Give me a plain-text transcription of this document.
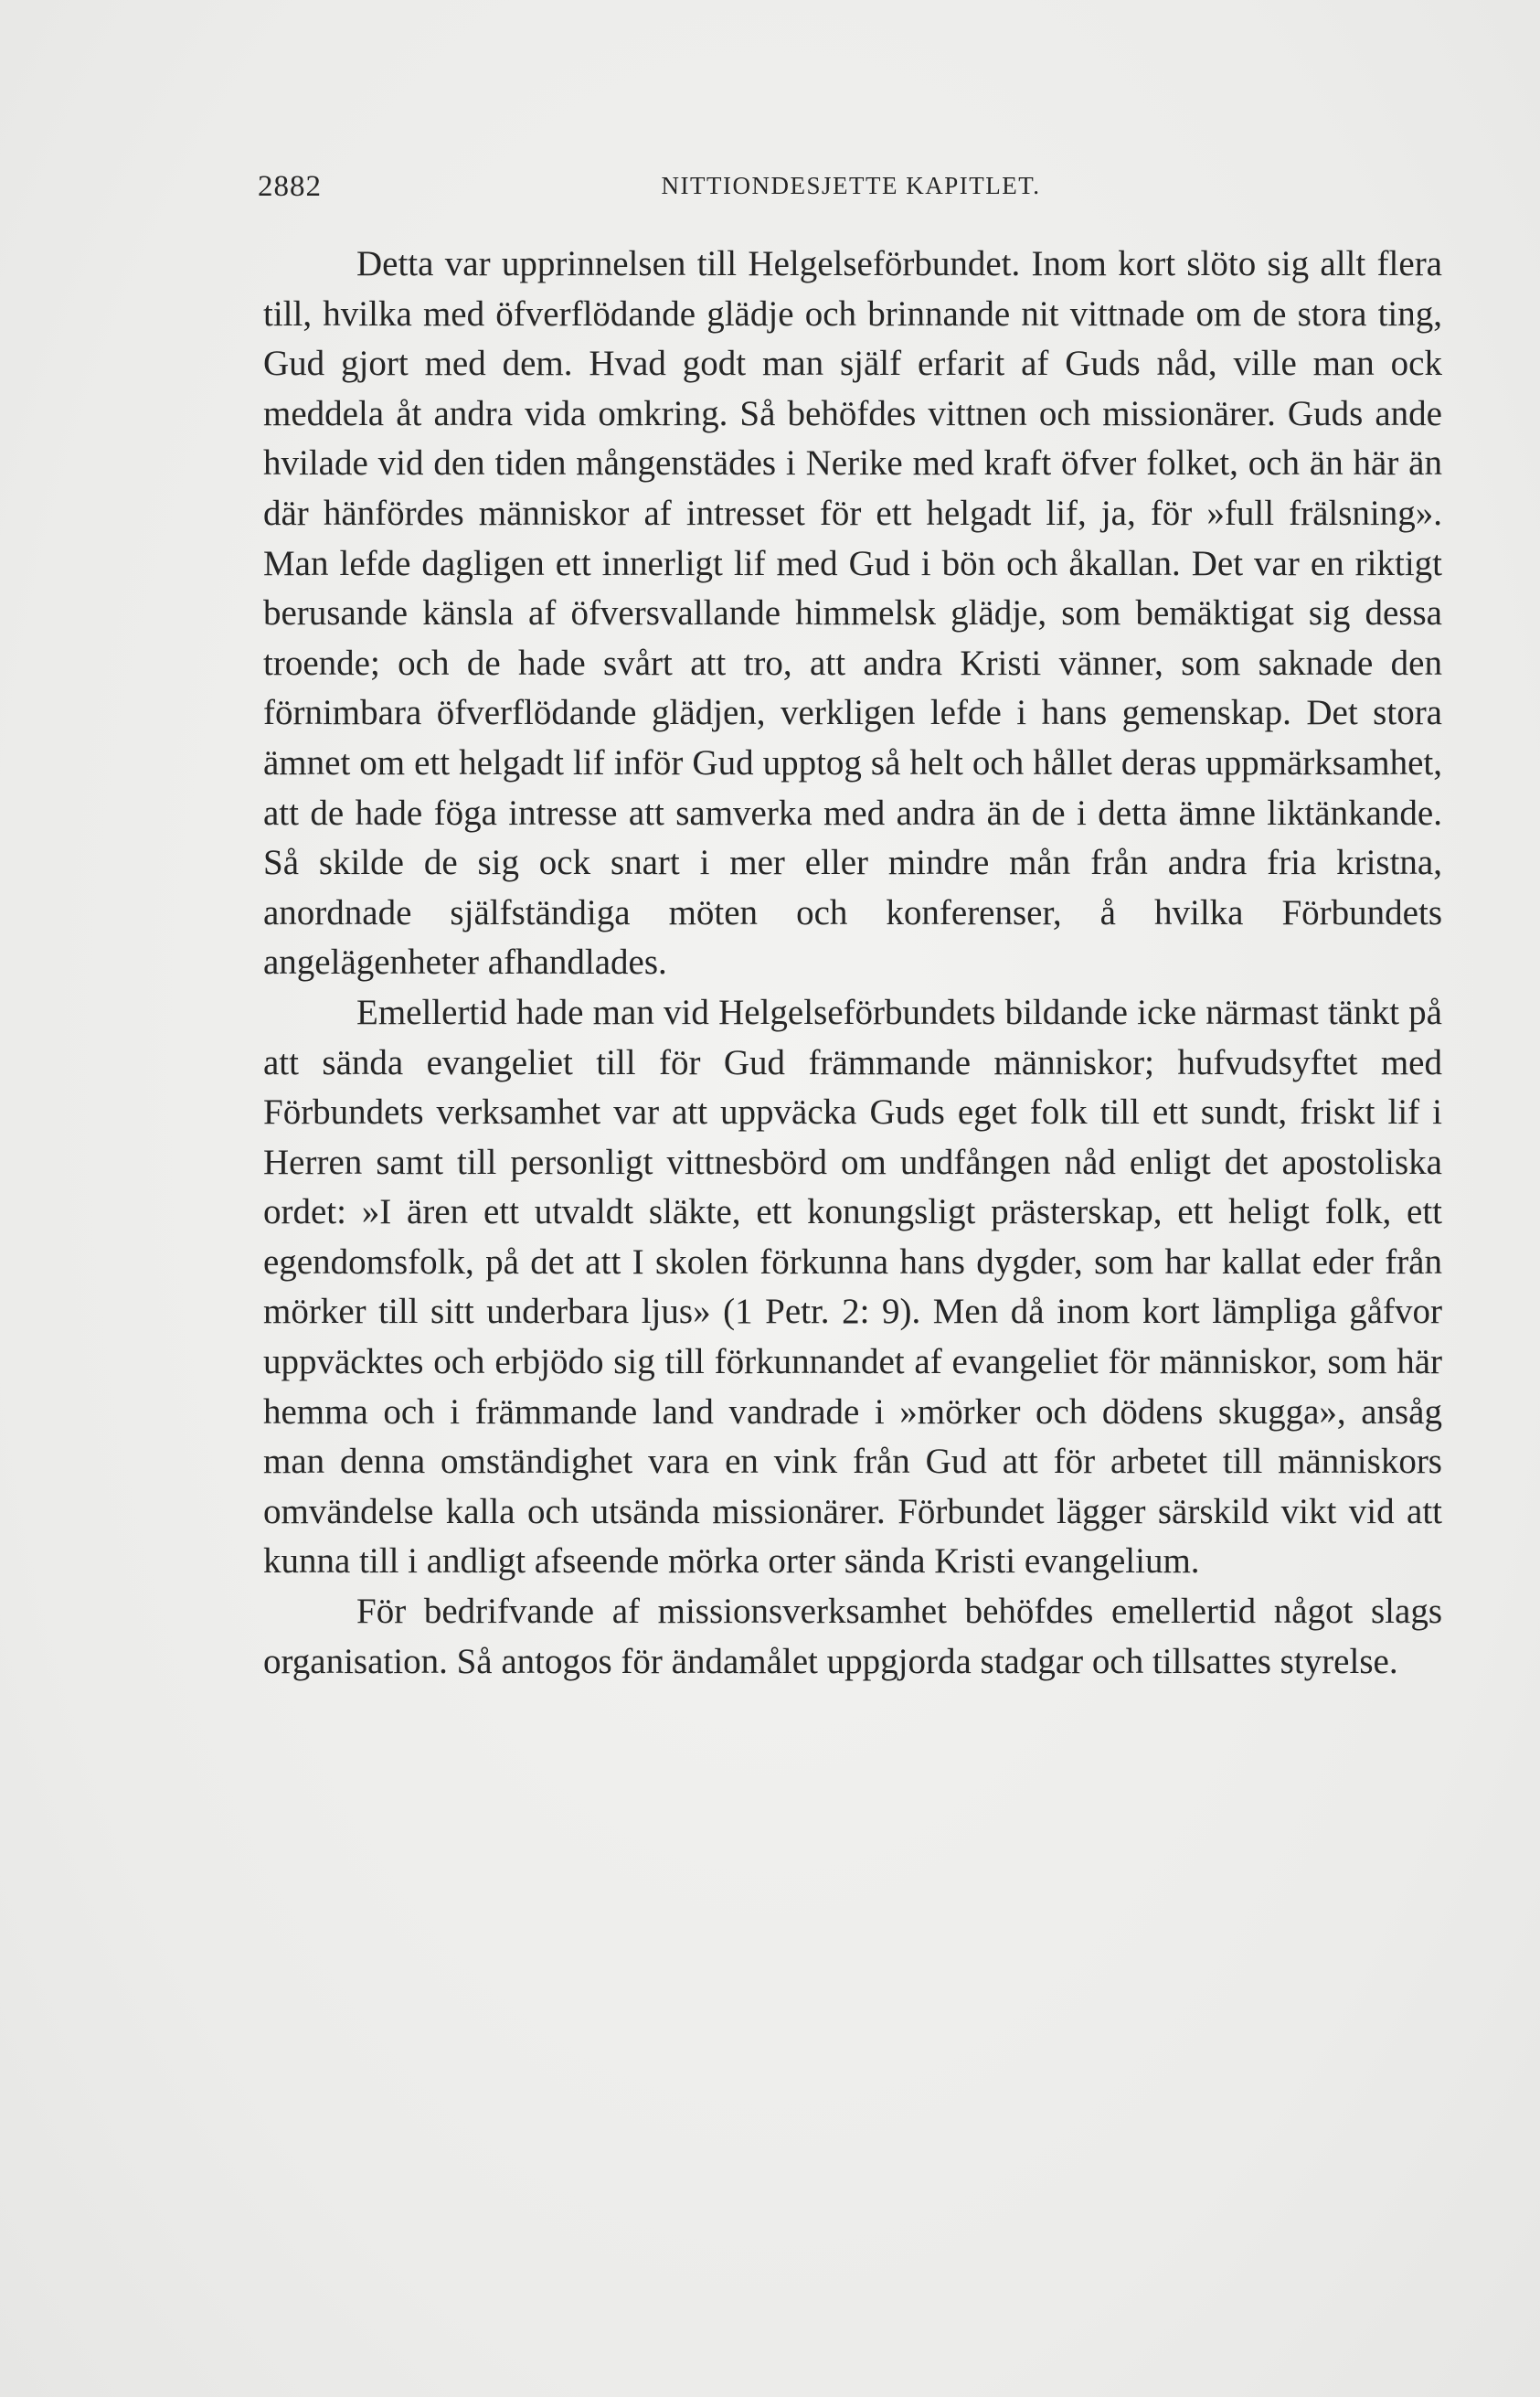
2882	NITTIONDESJETTE KAPITLET.

Detta var upprinnelsen till Helgelseförbundet. Inom kort slöto sig allt flera till, hvilka med öfverflödande glädje och brinnande nit vittnade om de stora ting, Gud gjort med dem. Hvad godt man själf erfarit af Guds nåd, ville man ock meddela åt andra vida omkring. Så behöfdes vittnen och missionärer. Guds ande hvilade vid den tiden mångenstädes i Nerike med kraft öfver folket, och än här än där hänfördes människor af intresset för ett helgadt lif, ja, för »full frälsning». Man lefde dagligen ett innerligt lif med Gud i bön och åkallan. Det var en riktigt berusande känsla af öfversvallande himmelsk glädje, som bemäktigat sig dessa troende; och de hade svårt att tro, att andra Kristi vänner, som saknade den förnimbara öfverflödande glädjen, verkligen lefde i hans gemenskap. Det stora ämnet om ett helgadt lif inför Gud upptog så helt och hållet deras uppmärksamhet, att de hade föga intresse att samverka med andra än de i detta ämne liktänkande. Så skilde de sig ock snart i mer eller mindre mån från andra fria kristna, anordnade själfständiga möten och konferenser, å hvilka Förbundets angelägenheter afhandlades.

Emellertid hade man vid Helgelseförbundets bildande icke närmast tänkt på att sända evangeliet till för Gud främmande människor; hufvudsyftet med Förbundets verksamhet var att uppväcka Guds eget folk till ett sundt, friskt lif i Herren samt till personligt vittnesbörd om undfången nåd enligt det apostoliska ordet: »I ären ett utvaldt släkte, ett konungsligt prästerskap, ett heligt folk, ett egendomsfolk, på det att I skolen förkunna hans dygder, som har kallat eder från mörker till sitt underbara ljus» (1 Petr. 2: 9). Men då inom kort lämpliga gåfvor uppväcktes och erbjödo sig till förkunnandet af evangeliet för människor, som här hemma och i främmande land vandrade i »mörker och dödens skugga», ansåg man denna omständighet vara en vink från Gud att för arbetet till människors omvändelse kalla och utsända missionärer. Förbundet lägger särskild vikt vid att kunna till i andligt afseende mörka orter sända Kristi evangelium.

För bedrifvande af missionsverksamhet behöfdes emellertid något slags organisation. Så antogos för ändamålet uppgjorda stadgar och tillsattes styrelse.
